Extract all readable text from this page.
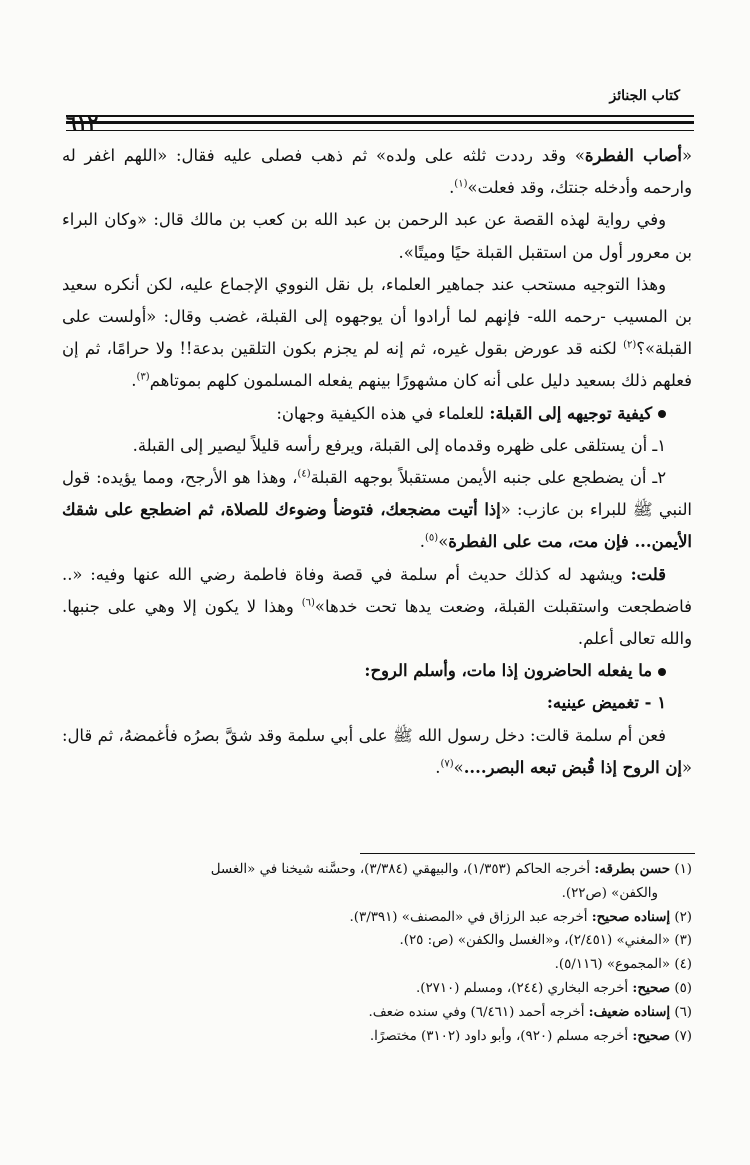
كتاب الجنائز
٦١٢

«أصاب الفطرة» وقد رددت ثلثه على ولده» ثم ذهب فصلى عليه فقال: «اللهم اغفر له وارحمه وأدخله جنتك، وقد فعلت»$^{(١)}$.

وفي رواية لهذه القصة عن عبد الرحمن بن عبد الله بن كعب بن مالك قال: «وكان البراء بن معرور أول من استقبل القبلة حيًا وميتًا».

وهذا التوجيه مستحب عند جماهير العلماء، بل نقل النووي الإجماع عليه، لكن أنكره سعيد بن المسيب -رحمه الله- فإنهم لما أرادوا أن يوجهوه إلى القبلة، غضب وقال: «أولست على القبلة»؟$^{(٢)}$ لكنه قد عورض بقول غيره، ثم إنه لم يجزم بكون التلقين بدعة!! ولا حرامًا، ثم إن فعلهم ذلك بسعيد دليل على أنه كان مشهورًا بينهم يفعله المسلمون كلهم بموتاهم$^{(٣)}$.

كيفية توجيهه إلى القبلة: للعلماء في هذه الكيفية وجهان:

١ـ أن يستلقى على ظهره وقدماه إلى القبلة، ويرفع رأسه قليلاً ليصير إلى القبلة.

٢ـ أن يضطجع على جنبه الأيمن مستقبلاً بوجهه القبلة$^{(٤)}$، وهذا هو الأرجح، ومما يؤيده: قول النبي ﷺ للبراء بن عازب: «إذا أتيت مضجعك، فتوضأ وضوءك للصلاة، ثم اضطجع على شقك الأيمن... فإن مت، مت على الفطرة»$^{(٥)}$.

قلت: ويشهد له كذلك حديث أم سلمة في قصة وفاة فاطمة رضي الله عنها وفيه: «.. فاضطجعت واستقبلت القبلة، وضعت يدها تحت خدها»$^{(٦)}$ وهذا لا يكون إلا وهي على جنبها. والله تعالى أعلم.

ما يفعله الحاضرون إذا مات، وأسلم الروح:

١ - تغميض عينيه:

فعن أم سلمة قالت: دخل رسول الله ﷺ على أبي سلمة وقد شقَّ بصرُه فأغمضهُ، ثم قال: «إن الروح إذا قُبض تبعه البصر....»$^{(٧)}$.

(١) حسن بطرقه: أخرجه الحاكم (١/٣٥٣)، والبيهقي (٣/٣٨٤)، وحسَّنه شيخنا في «الغسل

والكفن» (ص٢٢).

(٢) إسناده صحيح: أخرجه عبد الرزاق في «المصنف» (٣/٣٩١).

(٣) «المغني» (٢/٤٥١)، و«الغسل والكفن» (ص: ٢٥).

(٤) «المجموع» (٥/١١٦).

(٥) صحيح: أخرجه البخاري (٢٤٤)، ومسلم (٢٧١٠).

(٦) إسناده ضعيف: أخرجه أحمد (٦/٤٦١) وفي سنده ضعف.

(٧) صحيح: أخرجه مسلم (٩٢٠)، وأبو داود (٣١٠٢) مختصرًا.
